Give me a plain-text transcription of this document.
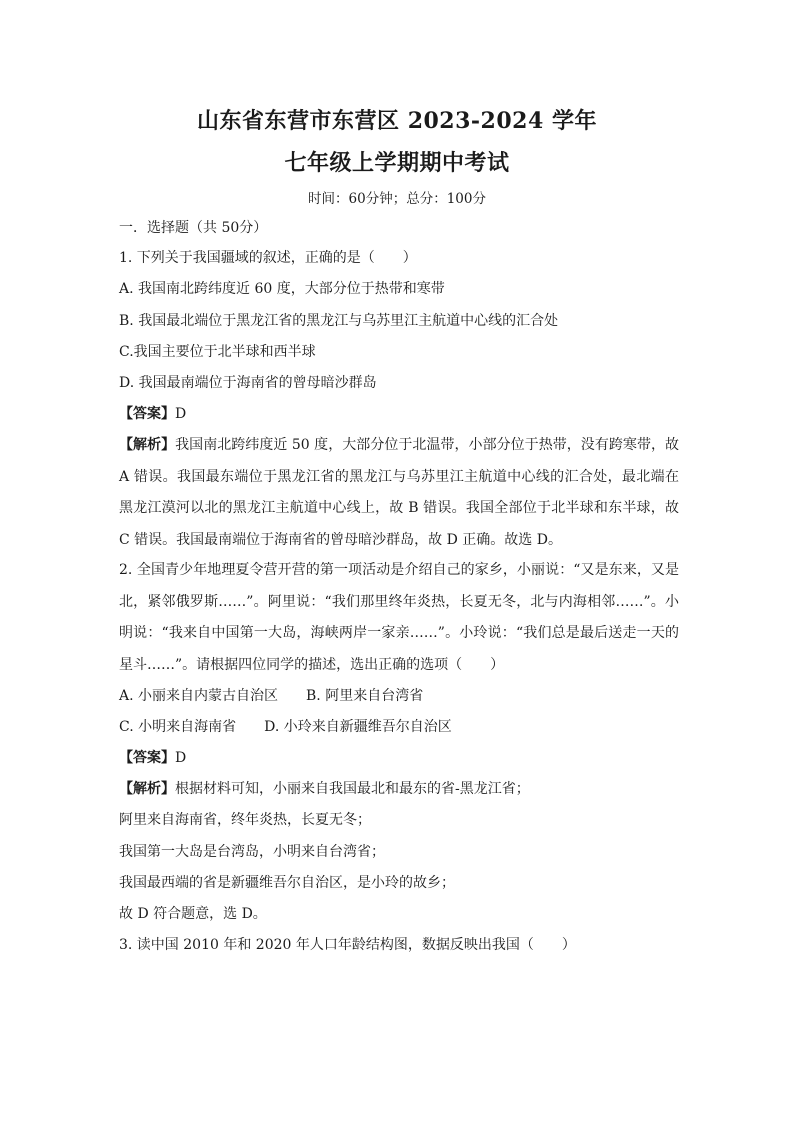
山东省东营市东营区 2023-2024 学年
七年级上学期期中考试
时间：60分钟；总分：100分
一．选择题（共 50分）
1. 下列关于我国疆域的叙述，正确的是（　　）
A. 我国南北跨纬度近 60 度，大部分位于热带和寒带
B. 我国最北端位于黑龙江省的黑龙江与乌苏里江主航道中心线的汇合处
C.我国主要位于北半球和西半球
D. 我国最南端位于海南省的曾母暗沙群岛
【答案】D
【解析】我国南北跨纬度近 50 度，大部分位于北温带，小部分位于热带，没有跨寒带，故 A 错误。我国最东端位于黑龙江省的黑龙江与乌苏里江主航道中心线的汇合处，最北端在黑龙江漠河以北的黑龙江主航道中心线上，故 B 错误。我国全部位于北半球和东半球，故 C 错误。我国最南端位于海南省的曾母暗沙群岛，故 D 正确。故选 D。
2. 全国青少年地理夏令营开营的第一项活动是介绍自己的家乡，小丽说：“又是东来，又是北，紧邻俄罗斯……”。阿里说：“我们那里终年炎热，长夏无冬，北与内海相邻……”。小明说：“我来自中国第一大岛，海峡两岸一家亲……”。小玲说：“我们总是最后送走一天的星斗……”。请根据四位同学的描述，选出正确的选项（　　）
A. 小丽来自内蒙古自治区　　B. 阿里来自台湾省
C. 小明来自海南省　　D. 小玲来自新疆维吾尔自治区
【答案】D
【解析】根据材料可知，小丽来自我国最北和最东的省-黑龙江省；
阿里来自海南省，终年炎热，长夏无冬；
我国第一大岛是台湾岛，小明来自台湾省；
我国最西端的省是新疆维吾尔自治区，是小玲的故乡；
故 D 符合题意，选 D。
3. 读中国 2010 年和 2020 年人口年龄结构图，数据反映出我国（　　）
